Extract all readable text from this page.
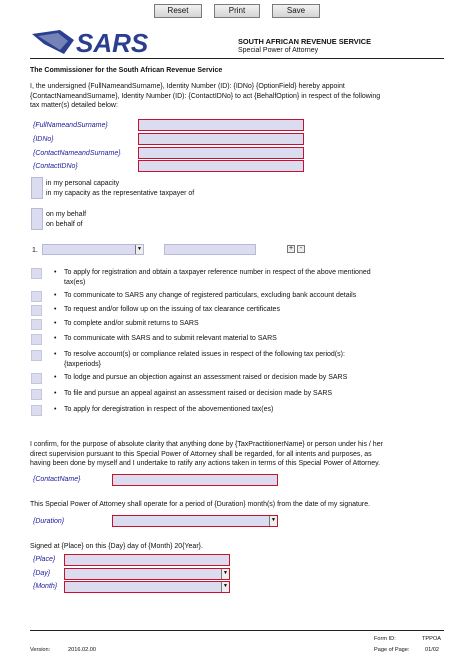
Reset	Print	Save
SARS	SOUTH AFRICAN REVENUE SERVICE
Special Power of Attorney
The Commissioner for the South African Revenue Service
I, the undersigned {FullNameandSurname}, Identity Number (ID): {IDNo} {OptionField} hereby appoint
{ContactNameandSurname}, Identity Number (ID): {ContactIDNo} to act {BehalfOption} in respect of the following
tax matter(s) detailed below:
{FullNameandSurname}
{IDNo}
{ContactNameandSurname}
{ContactIDNo}
in my personal capacity
in my capacity as the representative taxpayer of
on my behalf
on behalf of
1.
▼	+ -
• To apply for registration and obtain a taxpayer reference number in respect of the above mentioned
tax(es)
• To communicate to SARS any change of registered particulars, excluding bank account details
• To request and/or follow up on the issuing of tax clearance certificates
• To complete and/or submit returns to SARS
• To communicate with SARS and to submit relevant material to SARS
• To resolve account(s) or compliance related issues in respect of the following tax period(s):
{taxperiods}
• To lodge and pursue an objection against an assessment raised or decision made by SARS
• To file and pursue an appeal against an assessment raised or decision made by SARS
• To apply for deregistration in respect of the abovementioned tax(es)
I confirm, for the purpose of absolute clarity that anything done by {TaxPractitionerName} or person under his / her
direct supervision pursuant to this Special Power of Attorney shall be regarded, for all intents and purposes, as
having been done by myself and I undertake to ratify any actions taken in terms of this Special Power of Attorney.
{ContactName}
This Special Power of Attorney shall operate for a period of {Duration} month(s) from the date of my signature.
{Duration}
▼
Signed at {Place} on this {Day} day of {Month} 20{Year}.
{Place}
{Day}
▼
{Month}
▼
Form ID:	TPPOA
Version:	2016.02.00	Page of Page:	01/02
